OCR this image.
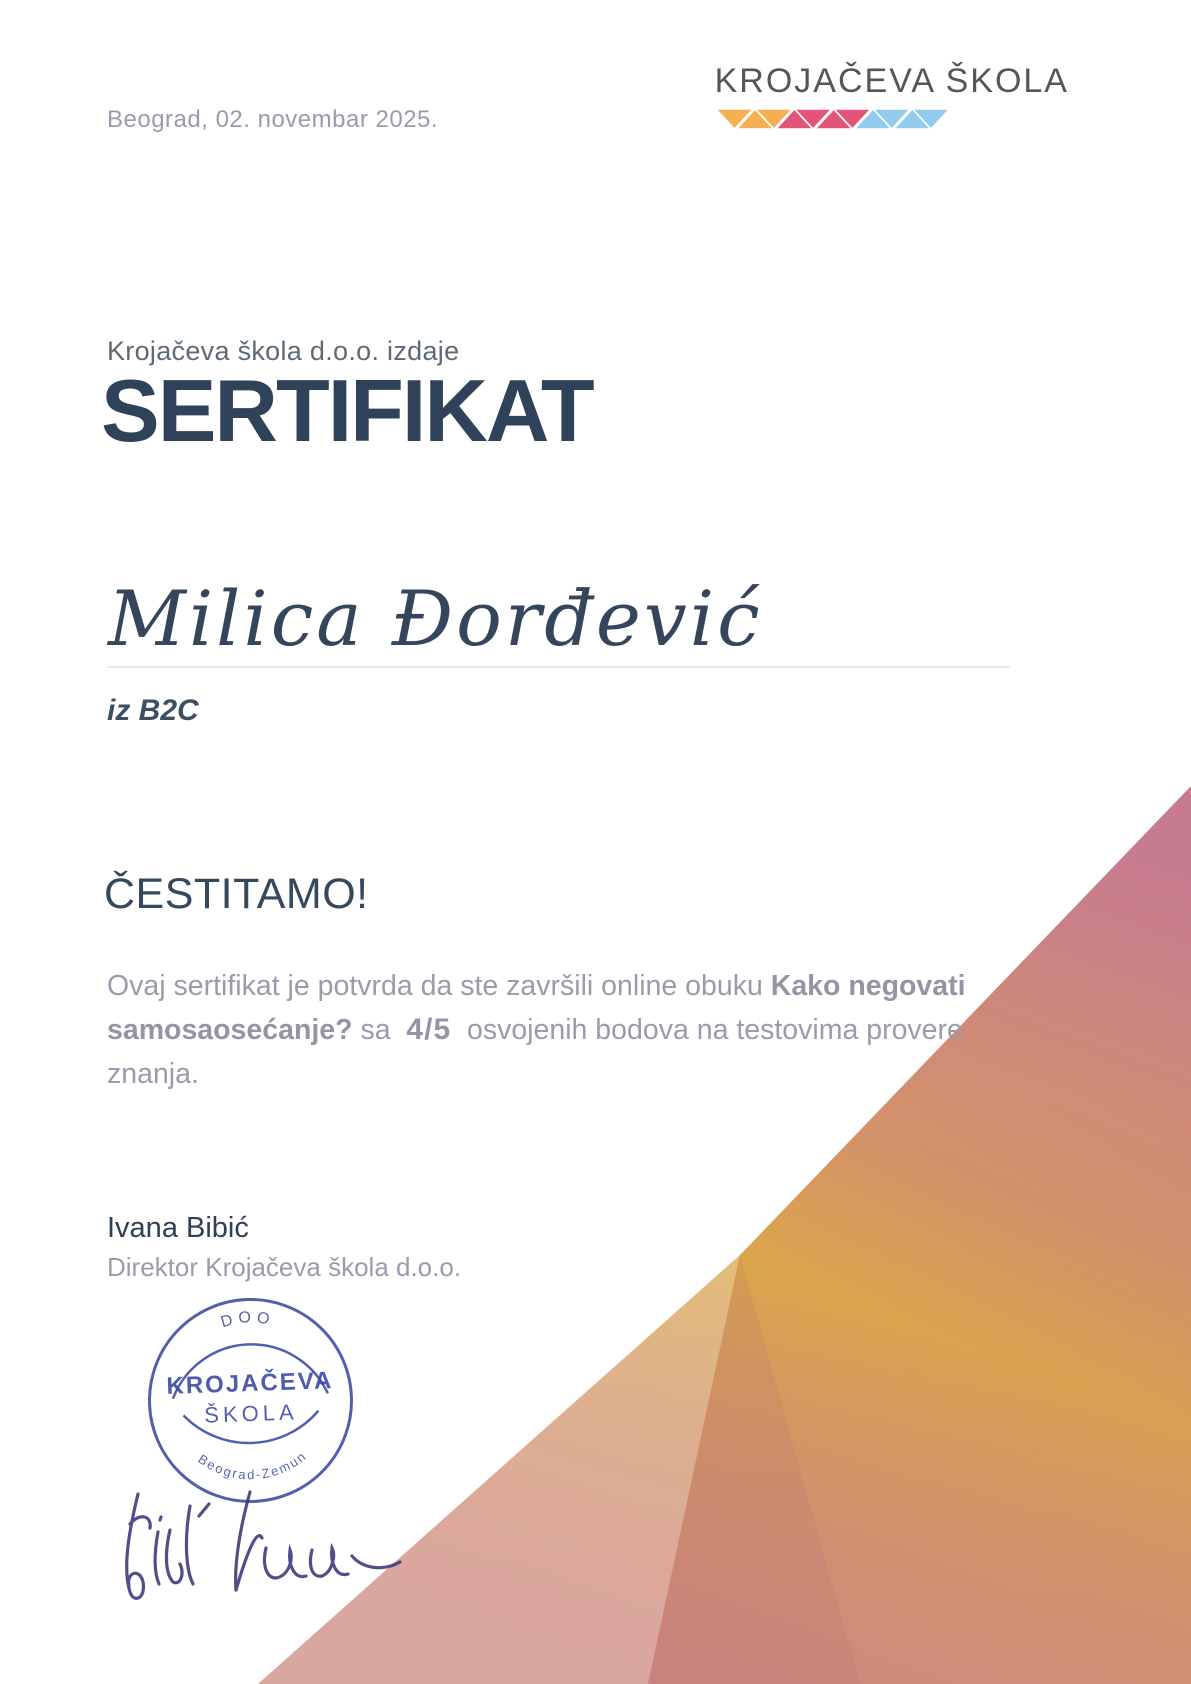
Beograd, 02. novembar 2025.
KROJAČEVA ŠKOLA
Krojačeva škola d.o.o. izdaje
SERTIFIKAT
Milica Đorđević
iz B2C
ČESTITAMO!
Ovaj sertifikat je potvrda da ste završili online obuku Kako negovati
samosaosećanje? sa  4/5  osvojenih bodova na testovima provere
znanja.
Ivana Bibić
Direktor Krojačeva škola d.o.o.
DOO
KROJAČEVA
ŠKOLA
Beograd-Zemun
